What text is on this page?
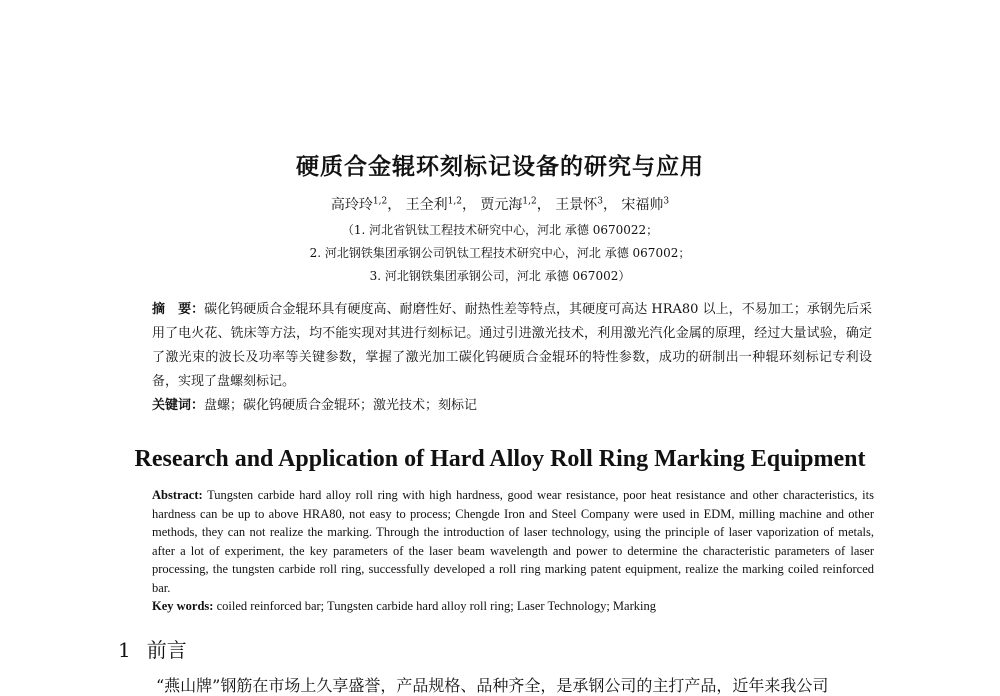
硬质合金辊环刻标记设备的研究与应用
高玲玲$^{1,2}$， 王全利$^{1,2}$， 贾元海$^{1,2}$， 王景怀$^3$， 宋福帅$^3$
（1. 河北省钒钛工程技术研究中心，河北 承德 0670022；
2. 河北钢铁集团承钢公司钒钛工程技术研究中心，河北 承德 067002；
3. 河北钢铁集团承钢公司，河北 承德 067002）
摘　要：碳化钨硬质合金辊环具有硬度高、耐磨性好、耐热性差等特点，其硬度可高达 HRA80 以上，不易加工；承钢先后采用了电火花、铣床等方法，均不能实现对其进行刻标记。通过引进激光技术，利用激光汽化金属的原理，经过大量试验，确定了激光束的波长及功率等关键参数，掌握了激光加工碳化钨硬质合金辊环的特性参数，成功的研制出一种辊环刻标记专利设备，实现了盘螺刻标记。
关键词：盘螺；碳化钨硬质合金辊环；激光技术；刻标记
Research and Application of Hard Alloy Roll Ring Marking Equipment
Abstract: Tungsten carbide hard alloy roll ring with high hardness, good wear resistance, poor heat resistance and other characteristics, its hardness can be up to above HRA80, not easy to process; Chengde Iron and Steel Company were used in EDM, milling machine and other methods, they can not realize the marking. Through the introduction of laser technology, using the principle of laser vaporization of metals, after a lot of experiment, the key parameters of the laser beam wavelength and power to determine the characteristic parameters of laser processing, the tungsten carbide roll ring, successfully developed a roll ring marking patent equipment, realize the marking coiled reinforced bar.
Key words: coiled reinforced bar; Tungsten carbide hard alloy roll ring; Laser Technology; Marking
1 前言
“燕山牌”钢筋在市场上久享盛誉，产品规格、品种齐全，是承钢公司的主打产品，近年来我公司
